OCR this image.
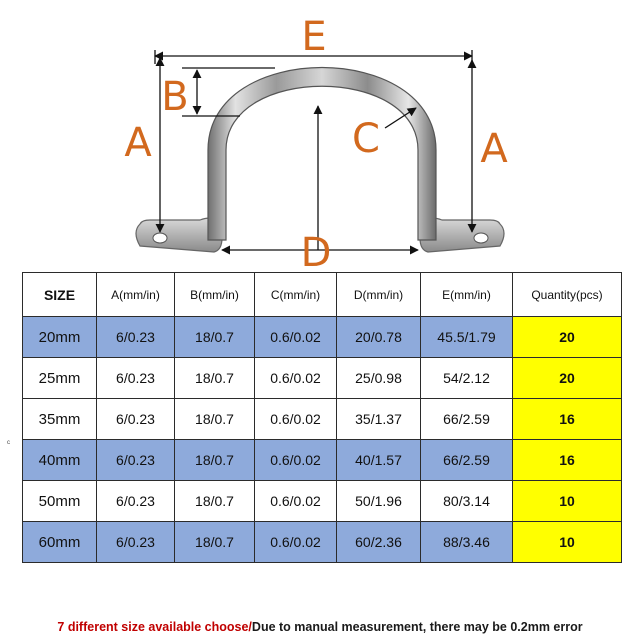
E
B
A	A
C
D
SIZE	A(mm/in)	B(mm/in)	C(mm/in)	D(mm/in)	E(mm/in)	Quantity(pcs)
20mm	6/0.23	18/0.7	0.6/0.02	20/0.78	45.5/1.79	20
25mm	6/0.23	18/0.7	0.6/0.02	25/0.98	54/2.12	20
35mm	6/0.23	18/0.7	0.6/0.02	35/1.37	66/2.59	16
40mm	6/0.23	18/0.7	0.6/0.02	40/1.57	66/2.59	16
50mm	6/0.23	18/0.7	0.6/0.02	50/1.96	80/3.14	10
60mm	6/0.23	18/0.7	0.6/0.02	60/2.36	88/3.46	10
c
7 different size available choose/Due to manual measurement, there may be 0.2mm error
